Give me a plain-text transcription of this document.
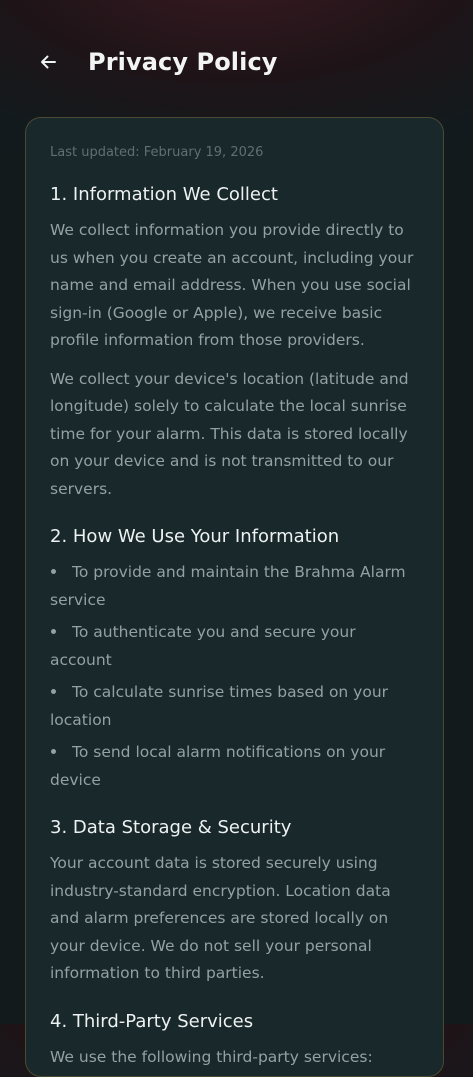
Privacy Policy
Last updated: February 19, 2026
1. Information We Collect

We collect information you provide directly to us when you create an account, including your name and email address. When you use social sign-in (Google or Apple), we receive basic profile information from those providers.

We collect your device's location (latitude and longitude) solely to calculate the local sunrise time for your alarm. This data is stored locally on your device and is not transmitted to our servers.

2. How We Use Your Information
To provide and maintain the Brahma Alarm service
To authenticate you and secure your account
To calculate sunrise times based on your location
To send local alarm notifications on your device
3. Data Storage & Security

Your account data is stored securely using industry-standard encryption. Location data and alarm preferences are stored locally on your device. We do not sell your personal information to third parties.

4. Third-Party Services

We use the following third-party services:
